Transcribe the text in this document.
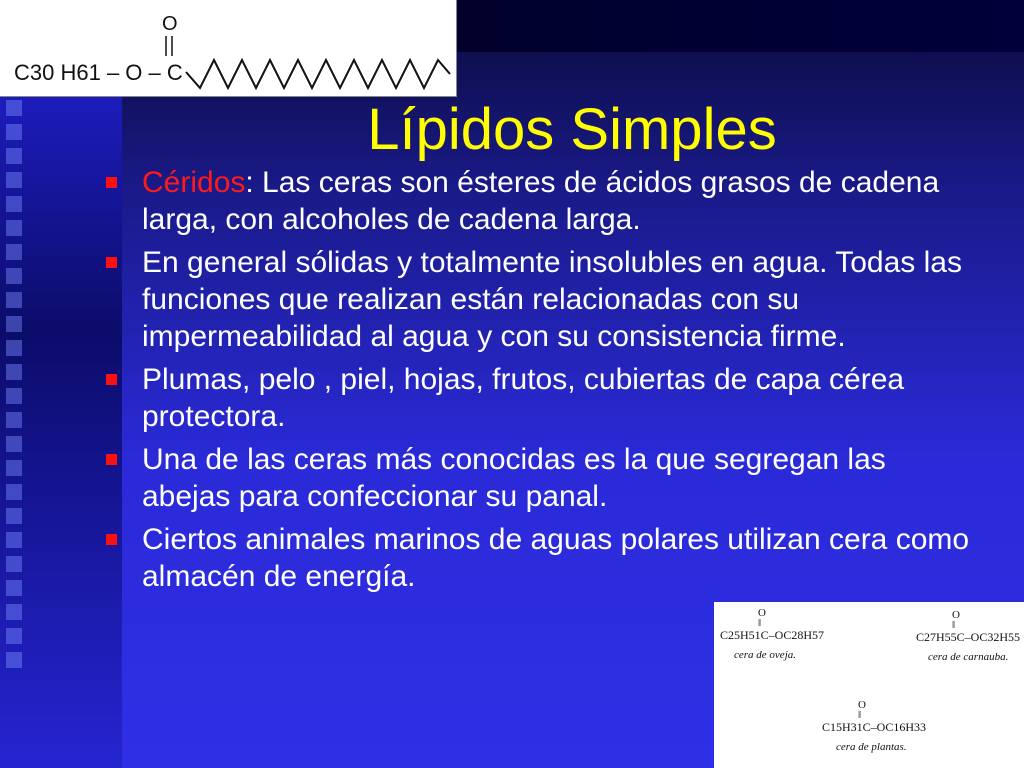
O
C30 H61 – O – C
Lípidos Simples
Céridos: Las ceras son ésteres de ácidos grasos de cadena larga, con alcoholes de cadena larga.
En general sólidas y totalmente insolubles en agua. Todas las funciones que realizan están relacionadas con su impermeabilidad al agua y con su consistencia firme.
Plumas, pelo , piel, hojas, frutos, cubiertas de capa cérea protectora.
Una de las ceras más conocidas es la que segregan las abejas para confeccionar su panal.
Ciertos animales marinos de aguas polares utilizan cera como almacén de energía.
O
‖
C25H51C–OC28H57
cera de oveja.
O
‖
C27H55C–OC32H55
cera de carnauba.
O
‖
C15H31C–OC16H33
cera de plantas.
